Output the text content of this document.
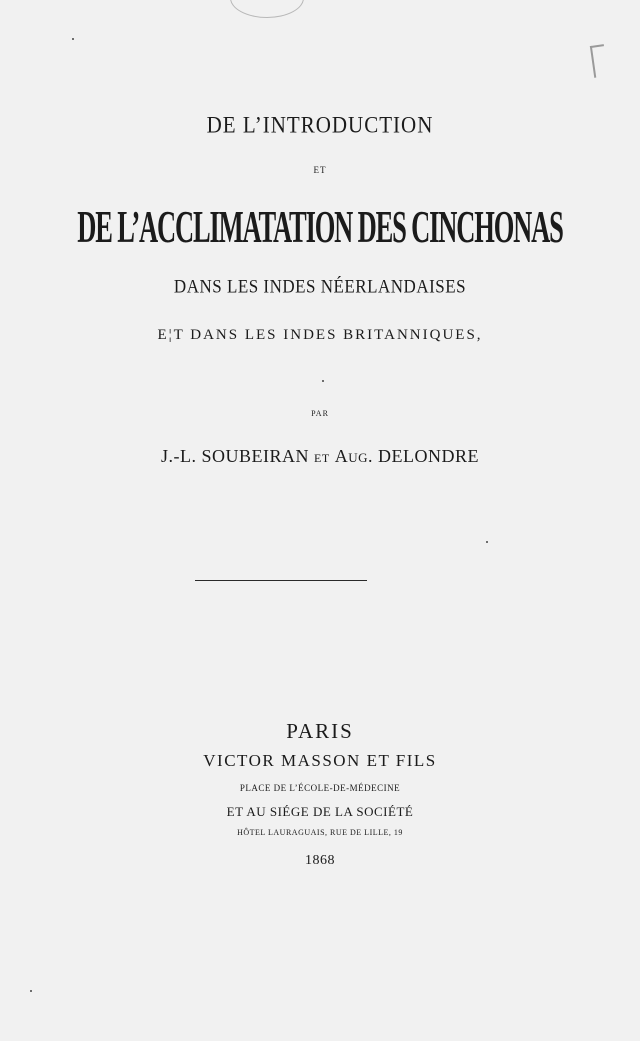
DE L’INTRODUCTION
ET
DE L’ACCLIMATATION DES CINCHONAS
DANS LES INDES NÉERLANDAISES
E¦T DANS LES INDES BRITANNIQUES,
PAR
J.-L. SOUBEIRAN ET Aug. DELONDRE
PARIS
VICTOR MASSON ET FILS
PLACE DE L’ÉCOLE-DE-MÉDECINE
ET AU SIÉGE DE LA SOCIÉTÉ
HÔTEL LAURAGUAIS, RUE DE LILLE, 19
1868
